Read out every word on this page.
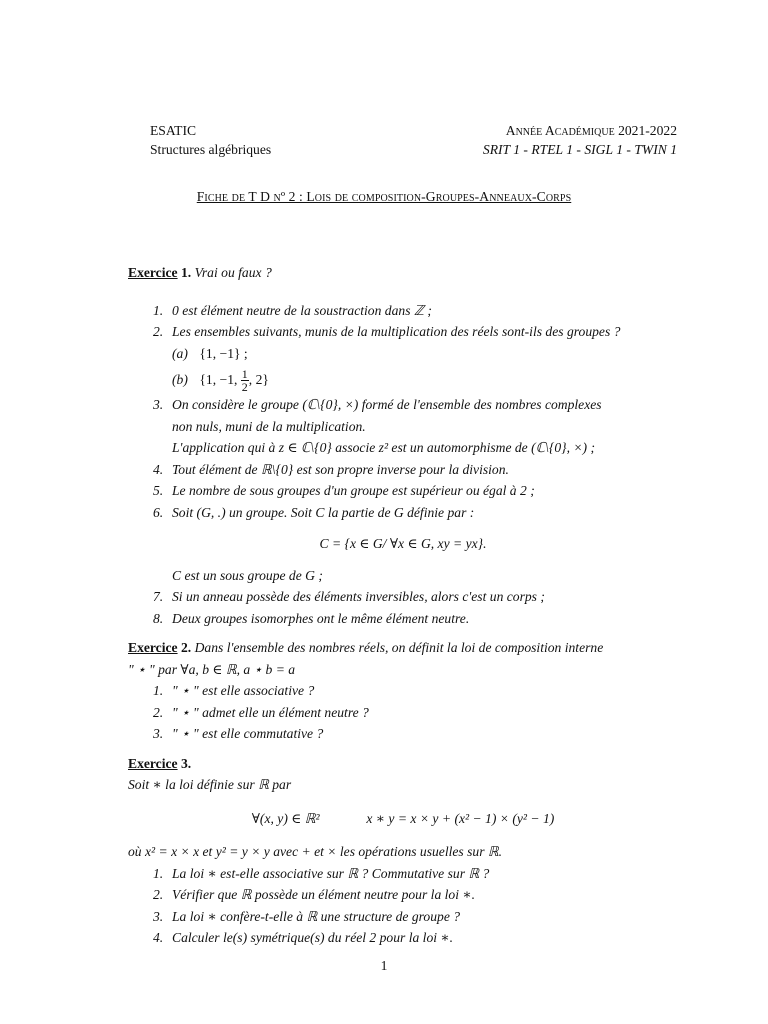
ESATIC	Année Académique 2021-2022
Structures algébriques	SRIT 1 - RTEL 1 - SIGL 1 - TWIN 1
Fiche de T D nº 2 : Lois de composition-Groupes-Anneaux-Corps

Exercice 1. Vrai ou faux ?

1. 0 est élément neutre de la soustraction dans ℤ ;
2. Les ensembles suivants, munis de la multiplication des réels sont-ils des groupes ?
(a) {1, −1} ;
(b) {1, −1, $\frac{1}{2}$ , 2}
3. On considère le groupe (ℂ\{0}, ×) formé de l'ensemble des nombres complexes
non nuls, muni de la multiplication.
L'application qui à z ∈ ℂ\{0} associe z² est un automorphisme de (ℂ\{0}, ×) ;
4. Tout élément de ℝ\{0} est son propre inverse pour la division.
5. Le nombre de sous groupes d'un groupe est supérieur ou égal à 2 ;
6. Soit (G, .) un groupe. Soit C la partie de G définie par :
C = {x ∈ G/ ∀x ∈ G, xy = yx}.
C est un sous groupe de G ;
7. Si un anneau possède des éléments inversibles, alors c'est un corps ;
8. Deux groupes isomorphes ont le même élément neutre.

Exercice 2. Dans l'ensemble des nombres réels, on définit la loi de composition interne

" ⋆ " par ∀a, b ∈ ℝ, a ⋆ b = a
1. " ⋆ " est elle associative ?
2. " ⋆ " admet elle un élément neutre ?
3. " ⋆ " est elle commutative ?

Exercice 3.

Soit ∗ la loi définie sur ℝ par
∀(x, y) ∈ ℝ²	x ∗ y = x × y + (x² − 1) × (y² − 1)
où x² = x × x et y² = y × y avec + et × les opérations usuelles sur ℝ.
1. La loi ∗ est-elle associative sur ℝ ? Commutative sur ℝ ?
2. Vérifier que ℝ possède un élément neutre pour la loi ∗.
3. La loi ∗ confère-t-elle à ℝ une structure de groupe ?
4. Calculer le(s) symétrique(s) du réel 2 pour la loi ∗.
1
